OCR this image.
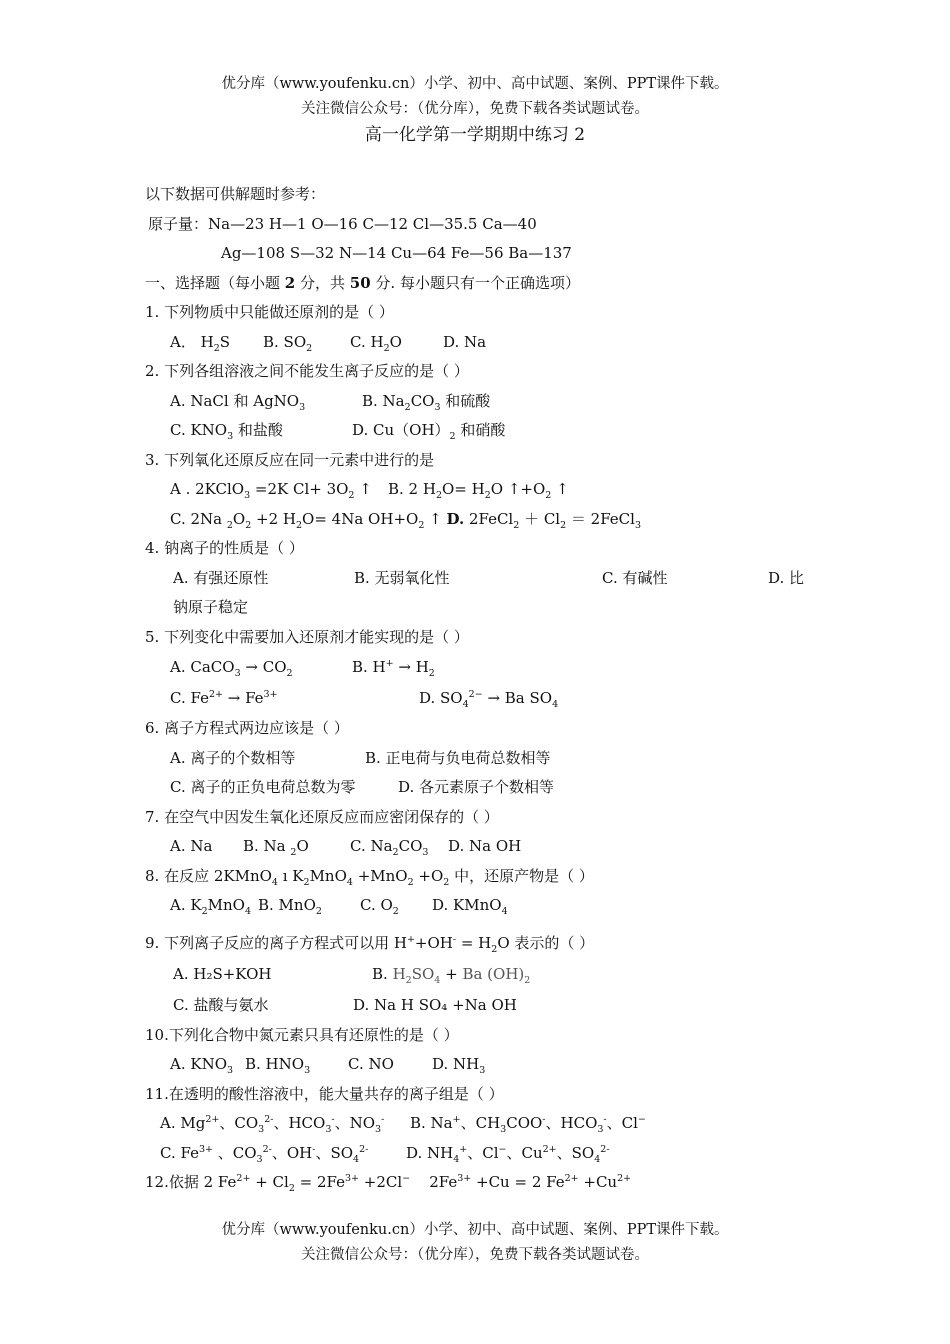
优分库（www.youfenku.cn）小学、初中、高中试题、案例、PPT课件下载。
关注微信公众号：（优分库），免费下载各类试题试卷。
高一化学第一学期期中练习 2
以下数据可供解题时参考：
原子量：Na—23 H—1 O—16 C—12 Cl—35.5 Ca—40
Ag—108 S—32 N—14 Cu—64 Fe—56 Ba—137
一、选择题（每小题 2 分，共 50 分. 每小题只有一个正确选项）
1. 下列物质中只能做还原剂的是（ ）
A． $H_2S$ B. $SO_2$	C. $H_2O$	D. Na
2. 下列各组溶液之间不能发生离子反应的是（ ）
A. NaCl 和 AgNO$_3$	B. $Na_2CO_3$ 和硫酸
C. $KNO_3$ 和盐酸	D. $Cu(OH)_2$ 和硝酸
3. 下列氧化还原反应在同一元素中进行的是
A . 2KClO$_3$ =2K $Cl+ 3O_2$ ↑ B. 2 $H_2O= H_2O$ $↑+O_2$ ↑
C. 2Na $_2O_2 +2$ $H_2O= 4Na$ $OH+O_2$ ↑ D. 2FeCl$_2$ ＋ $Cl_2$ ＝ 2FeCl$_3$
4. 钠离子的性质是（ ）
A. 有强还原性	B. 无弱氧化性	C. 有碱性	D. 比
钠原子稳定
5. 下列变化中需要加入还原剂才能实现的是（ ）
A. CaCO$_3$ → $CO_2$	B. $H^+ \to H_2$
C. $Fe^{2+} \to Fe^{3+}$	D. $SO_4^{2-} \to Ba$ $SO_4$
6. 离子方程式两边应该是（ ）
A. 离子的个数相等	B. 正电荷与负电荷总数相等
C. 离子的正负电荷总数为零	D. 各元素原子个数相等
7. 在空气中因发生氧化还原反应而应密闭保存的（ ）
A. Na B. Na $_2$O	C. $Na_2CO_3$ D. Na OH
8. 在反应 2KMnO$_4$ ı $K_2MnO_4 +MnO_2 +O_2$ 中，还原产物是（ ）
A. $K_2MnO_4$ B. MnO$_2$	C. $O_2$ D. KMnO$_4$
9. 下列离子反应的离子方程式可以用 $H^++OH^- = H_2O$ 表示的（ ）
A. H₂S+KOH	B. $H_2SO_4 + Ba$ $(OH)_2$
C. 盐酸与氨水	D. Na H SO₄ +Na OH
10.下列化合物中氮元素只具有还原性的是（ ）
A. $KNO_3$ B. $HNO_3$	C. NO	D. $NH_3$
11.在透明的酸性溶液中，能大量共存的离子组是（ ）
A. $Mg^{2+}$、$CO_3^{2-}$、$HCO_3^-$、$NO_3^-$ B. Na+、$CH_3COO^-$、$HCO_3^-$、Cl−
C. $Fe^{3+}$ 、$CO_3^{2-}$、OH-、$SO_4^{2-}$	D. $NH_4^+$、Cl−、$Cu^{2+}$、$SO_4^{2-}$
12.依据 2 $Fe^{2+} + Cl_2 = 2Fe^{3+} +2Cl^-$    $2Fe^{3+} +Cu = 2$ $Fe^{2+} +Cu^{2+}$
优分库（www.youfenku.cn）小学、初中、高中试题、案例、PPT课件下载。
关注微信公众号：（优分库），免费下载各类试题试卷。
